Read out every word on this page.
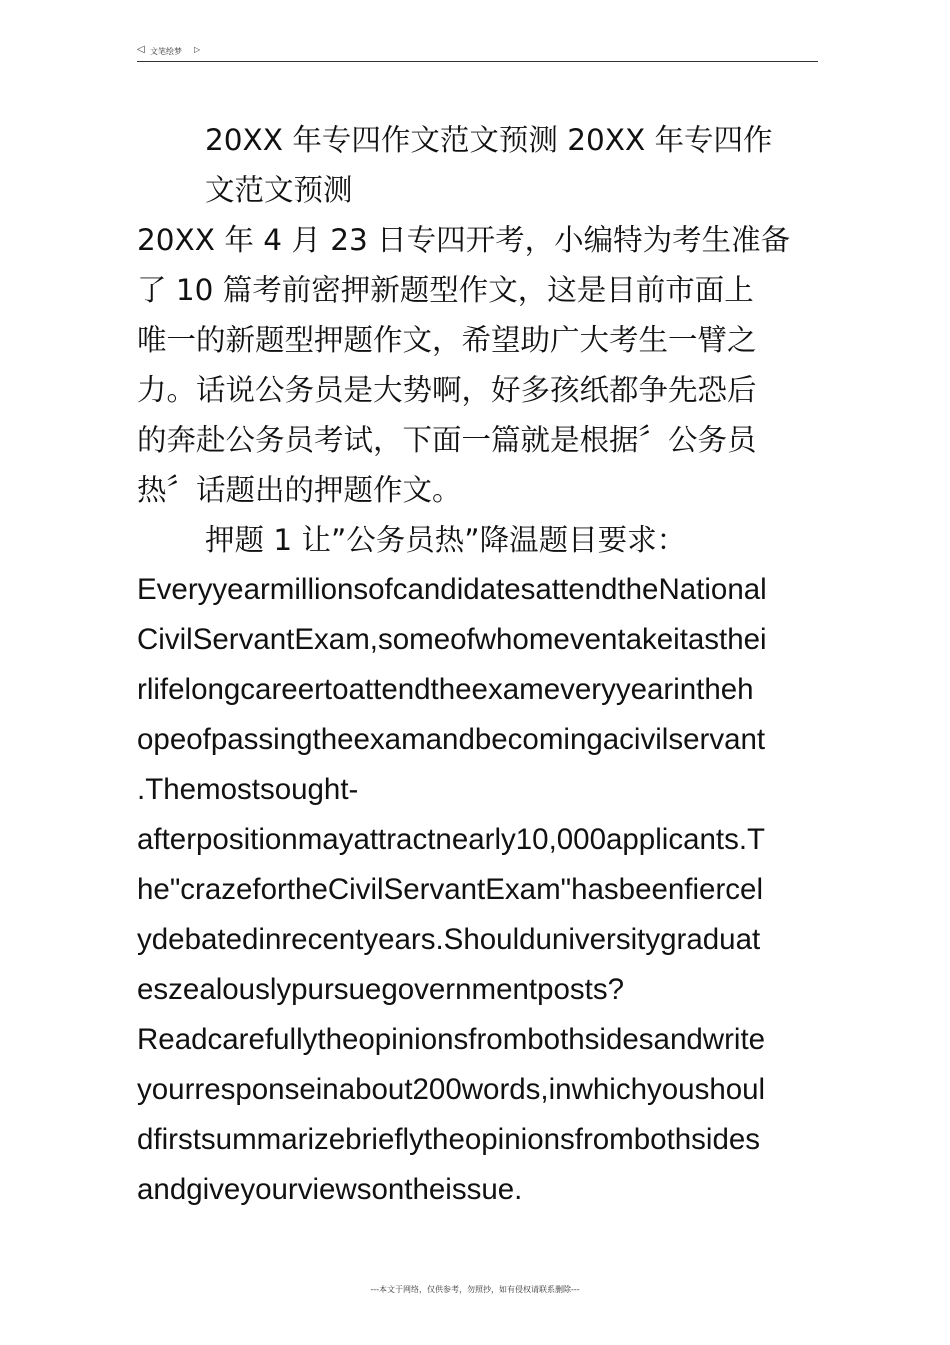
◁ 文笔绘梦 ▷
20XX 年专四作文范文预测 20XX 年专四作
文范文预测
20XX 年 4 月 23 日专四开考，小编特为考生准备
了 10 篇考前密押新题型作文，这是目前市面上
唯一的新题型押题作文，希望助广大考生一臂之
力。话说公务员是大势啊，好多孩纸都争先恐后
的奔赴公务员考试，下面一篇就是根据〞公务员
热〞话题出的押题作文。
押题 1 让”公务员热”降温题目要求：
EveryyearmillionsofcandidatesattendtheNational
CivilServantExam,someofwhomeventakeitasthei
rlifelongcareertoattendtheexameveryyearintheh
opeofpassingtheexamandbecomingacivilservant
.Themostsought-
afterpositionmayattractnearly10,000applicants.T
he"crazefortheCivilServantExam"hasbeenfiercel
ydebatedinrecentyears.Shoulduniversitygraduat
eszealouslypursuegovernmentposts?
Readcarefullytheopinionsfrombothsidesandwrite
yourresponseinabout200words,inwhichyoushoul
dfirstsummarizebrieflytheopinionsfrombothsides
andgiveyourviewsontheissue.
---本文于网络，仅供参考，勿照抄，如有侵权请联系删除---
